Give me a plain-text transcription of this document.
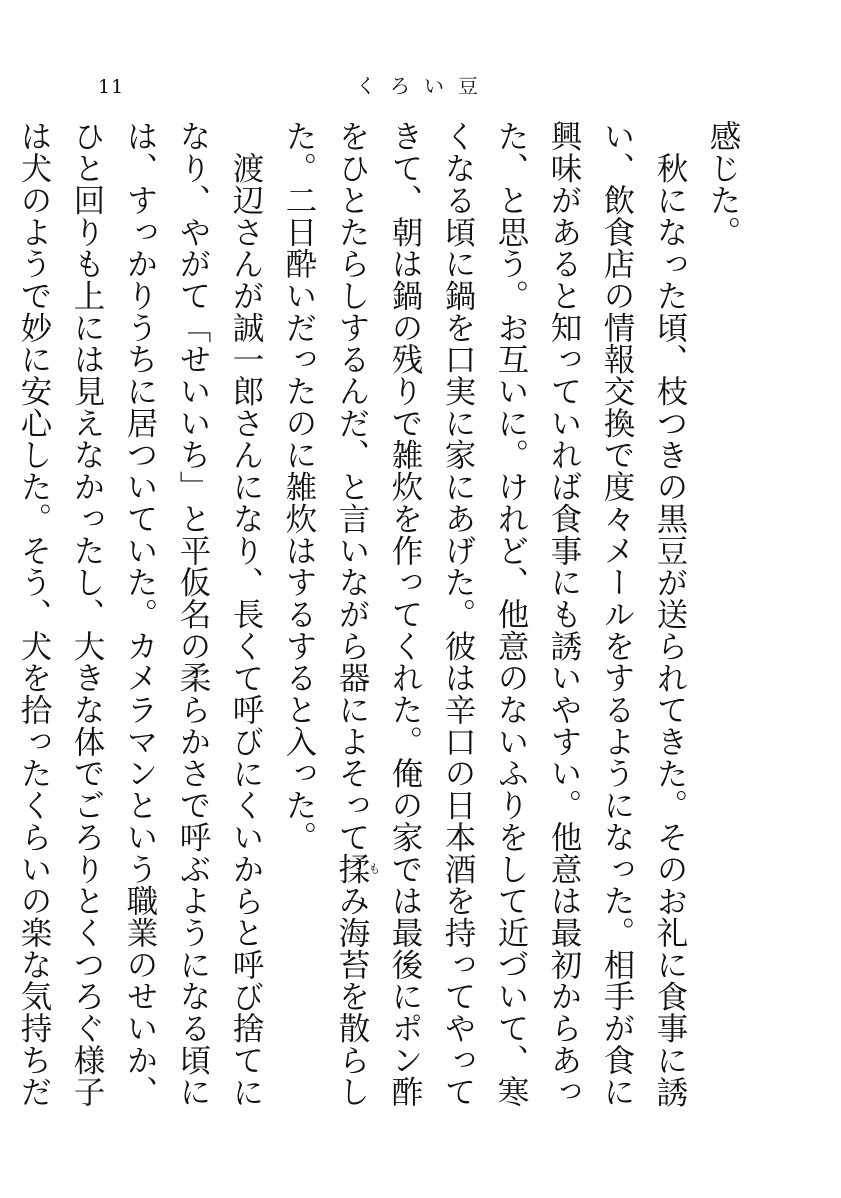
11	くろい豆

感じた。

秋になった頃、枝つきの黒豆が送られてきた。そのお礼に食事に誘い、飲食店の情報交換で度々メールをするようになった。相手が食に興味があると知っていれば食事にも誘いやすい。他意は最初からあった、と思う。お互いに。けれど、他意のないふりをして近づいて、寒くなる頃に鍋を口実に家にあげた。彼は辛口の日本酒を持ってやってきて、朝は鍋の残りで雑炊を作ってくれた。俺の家では最後にポン酢をひとたらしするんだ、と言いながら器によそって揉もみ海苔を散らした。二日酔いだったのに雑炊はするすると入った。

渡辺さんが誠一郎さんになり、長くて呼びにくいからと呼び捨てになり、やがて「せいいち」と平仮名の柔らかさで呼ぶようになる頃には、すっかりうちに居ついていた。カメラマンという職業のせいか、ひと回りも上には見えなかったし、大きな体でごろりとくつろぐ様子は犬のようで妙に安心した。そう、犬を拾ったくらいの楽な気持ちだ
